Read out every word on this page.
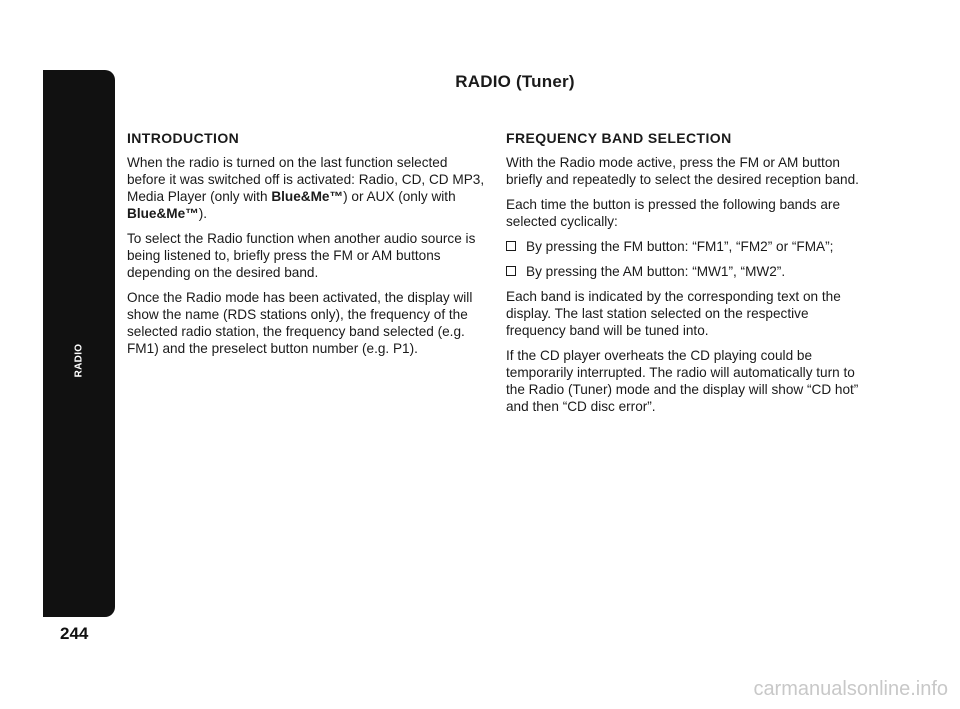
RADIO
244
RADIO (Tuner)
INTRODUCTION

When the radio is turned on the last function selected before it was switched off is activated: Radio, CD, CD MP3, Media Player (only with Blue&Me™) or AUX (only with Blue&Me™).

To select the Radio function when another audio source is being listened to, briefly press the FM or AM buttons depending on the desired band.

Once the Radio mode has been activated, the display will show the name (RDS stations only), the frequency of the selected radio station, the frequency band selected (e.g. FM1) and the preselect button number (e.g. P1).

FREQUENCY BAND SELECTION

With the Radio mode active, press the FM or AM button briefly and repeatedly to select the desired reception band.

Each time the button is pressed the following bands are selected cyclically:

By pressing the FM button: “FM1”, “FM2” or “FMA”;
By pressing the AM button: “MW1”, “MW2”.

Each band is indicated by the corresponding text on the display. The last station selected on the respective frequency band will be tuned into.

If the CD player overheats the CD playing could be temporarily interrupted. The radio will automatically turn to the Radio (Tuner) mode and the display will show “CD hot” and then “CD disc error”.

carmanualsonline.info
